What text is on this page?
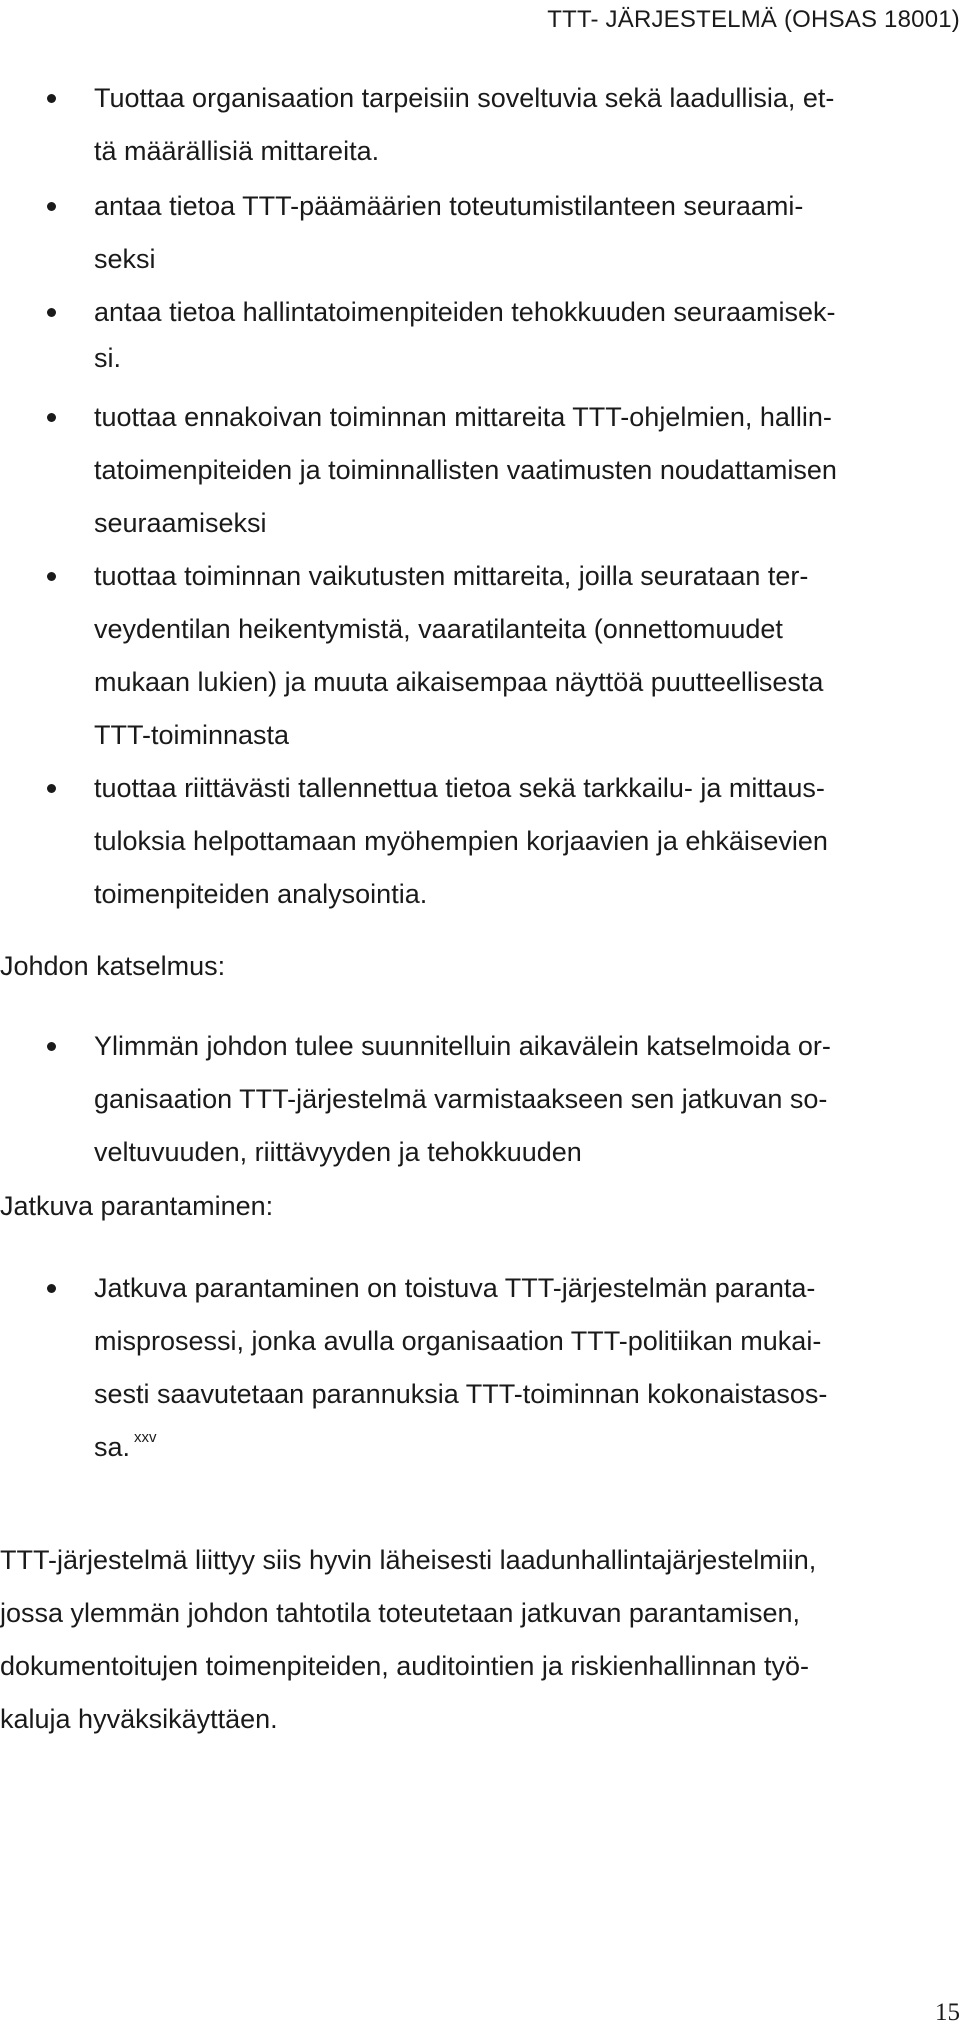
TTT- JÄRJESTELMÄ (OHSAS 18001)
Tuottaa organisaation tarpeisiin soveltuvia sekä laadullisia, et-
tä määrällisiä mittareita.
antaa tietoa TTT-päämäärien toteutumistilanteen seuraami-
seksi
antaa tietoa hallintatoimenpiteiden tehokkuuden seuraamisek-
si.
tuottaa ennakoivan toiminnan mittareita TTT-ohjelmien, hallin-
tatoimenpiteiden ja toiminnallisten vaatimusten noudattamisen
seuraamiseksi
tuottaa toiminnan vaikutusten mittareita, joilla seurataan ter-
veydentilan heikentymistä, vaaratilanteita (onnettomuudet
mukaan lukien) ja muuta aikaisempaa näyttöä puutteellisesta
TTT-toiminnasta
tuottaa riittävästi tallennettua tietoa sekä tarkkailu- ja mittaus-
tuloksia helpottamaan myöhempien korjaavien ja ehkäisevien
toimenpiteiden analysointia.
Johdon katselmus:
Ylimmän johdon tulee suunnitelluin aikavälein katselmoida or-
ganisaation TTT-järjestelmä varmistaakseen sen jatkuvan so-
veltuvuuden, riittävyyden ja tehokkuuden
Jatkuva parantaminen:
Jatkuva parantaminen on toistuva TTT-järjestelmän paranta-
misprosessi, jonka avulla organisaation TTT-politiikan mukai-
sesti saavutetaan parannuksia TTT-toiminnan kokonaistasos-
sa. $^{xxv}$
TTT-järjestelmä liittyy siis hyvin läheisesti laadunhallintajärjestelmiin,
jossa ylemmän johdon tahtotila toteutetaan jatkuvan parantamisen,
dokumentoitujen toimenpiteiden, auditointien ja riskienhallinnan työ-
kaluja hyväksikäyttäen.
15
